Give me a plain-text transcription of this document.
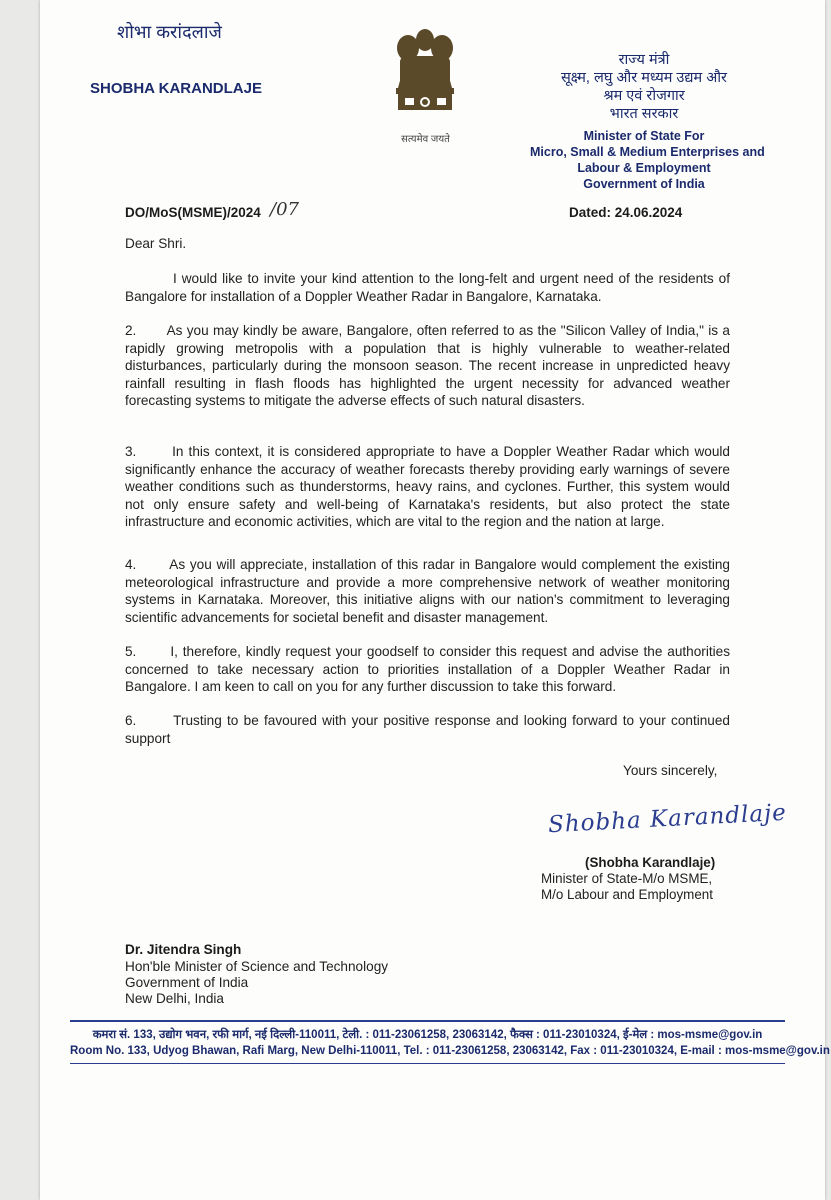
शोभा करांदलाजे
SHOBHA KARANDLAJE
सत्यमेव जयते
राज्य मंत्री
सूक्ष्म, लघु और मध्यम उद्यम और
श्रम एवं रोजगार
भारत सरकार
Minister of State For
Micro, Small & Medium Enterprises and
Labour & Employment
Government of India
DO/MoS(MSME)/2024 /07	Dated: 24.06.2024
Dear Shri.

I would like to invite your kind attention to the long-felt and urgent need of the residents of Bangalore for installation of a Doppler Weather Radar in Bangalore, Karnataka.

2.       As you may kindly be aware, Bangalore, often referred to as the "Silicon Valley of India," is a rapidly growing metropolis with a population that is highly vulnerable to weather-related disturbances, particularly during the monsoon season. The recent increase in unpredicted heavy rainfall resulting in flash floods has highlighted the urgent necessity for advanced weather forecasting systems to mitigate the adverse effects of such natural disasters.

3.       In this context, it is considered appropriate to have a Doppler Weather Radar which would significantly enhance the accuracy of weather forecasts thereby providing early warnings of severe weather conditions such as thunderstorms, heavy rains, and cyclones. Further, this system would not only ensure safety and well-being of Karnataka's residents, but also protect the state infrastructure and economic activities, which are vital to the region and the nation at large.

4.       As you will appreciate, installation of this radar in Bangalore would complement the existing meteorological infrastructure and provide a more comprehensive network of weather monitoring systems in Karnataka. Moreover, this initiative aligns with our nation's commitment to leveraging scientific advancements for societal benefit and disaster management.

5.       I, therefore, kindly request your goodself to consider this request and advise the authorities concerned to take necessary action to priorities installation of a Doppler Weather Radar in Bangalore. I am keen to call on you for any further discussion to take this forward.

6.       Trusting to be favoured with your positive response and looking forward to your continued support

Yours sincerely,
Shobha Karandlaje
(Shobha Karandlaje)
Minister of State-M/o MSME,
M/o Labour and Employment
Dr. Jitendra Singh
Hon'ble Minister of Science and Technology
Government of India
New Delhi, India
कमरा सं. 133, उद्योग भवन, रफी मार्ग, नई दिल्ली-110011, टेली. : 011-23061258, 23063142, फैक्स : 011-23010324, ई-मेल : mos-msme@gov.in
Room No. 133, Udyog Bhawan, Rafi Marg, New Delhi-110011, Tel. : 011-23061258, 23063142, Fax : 011-23010324, E-mail : mos-msme@gov.in
